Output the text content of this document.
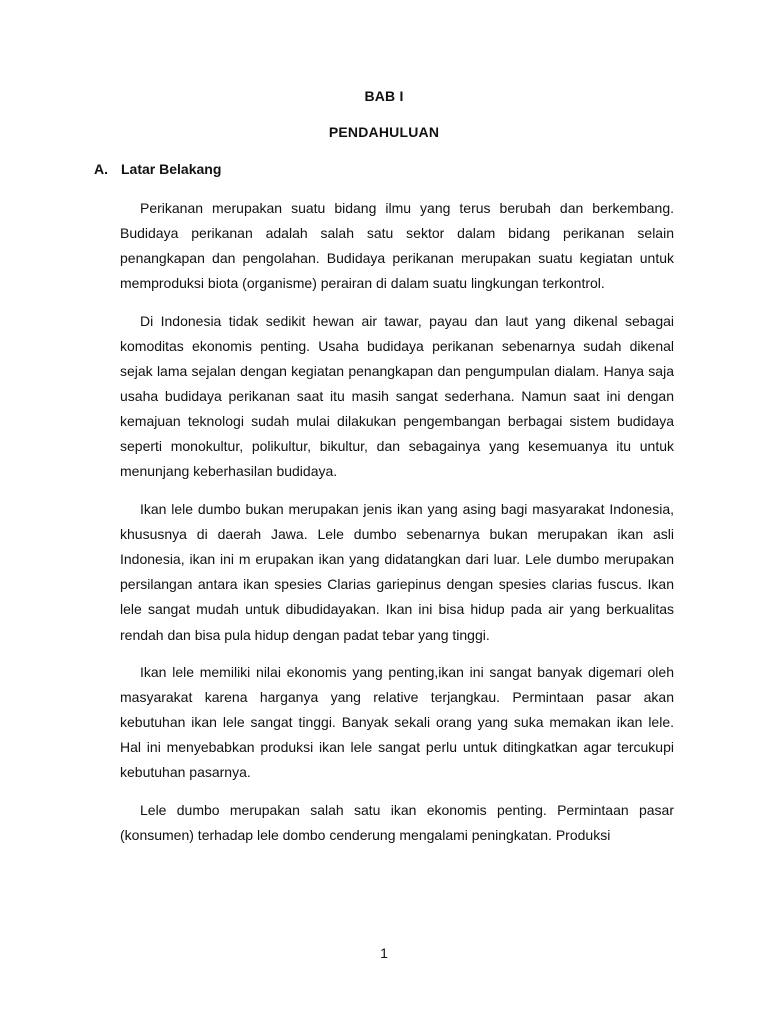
BAB I
PENDAHULUAN
A. Latar Belakang

Perikanan merupakan suatu bidang ilmu yang terus berubah dan berkembang. Budidaya perikanan adalah salah satu sektor dalam bidang perikanan selain penangkapan dan pengolahan. Budidaya perikanan merupakan suatu kegiatan untuk memproduksi biota (organisme) perairan di dalam suatu lingkungan terkontrol.

Di Indonesia tidak sedikit hewan air tawar, payau dan laut yang dikenal sebagai komoditas ekonomis penting. Usaha budidaya perikanan sebenarnya sudah dikenal sejak lama sejalan dengan kegiatan penangkapan dan pengumpulan dialam. Hanya saja usaha budidaya perikanan saat itu masih sangat sederhana. Namun saat ini dengan kemajuan teknologi sudah mulai dilakukan pengembangan berbagai sistem budidaya seperti monokultur, polikultur, bikultur, dan sebagainya yang kesemuanya itu untuk menunjang keberhasilan budidaya.

Ikan lele dumbo bukan merupakan jenis ikan yang asing bagi masyarakat Indonesia, khususnya di daerah Jawa. Lele dumbo sebenarnya bukan merupakan ikan asli Indonesia, ikan ini m erupakan ikan yang didatangkan dari luar. Lele dumbo merupakan persilangan antara ikan spesies Clarias gariepinus dengan spesies clarias fuscus. Ikan lele sangat mudah untuk dibudidayakan. Ikan ini bisa hidup pada air yang berkualitas rendah dan bisa pula hidup dengan padat tebar yang tinggi.

Ikan lele memiliki nilai ekonomis yang penting,ikan ini sangat banyak digemari oleh masyarakat karena harganya yang relative terjangkau. Permintaan pasar akan kebutuhan ikan lele sangat tinggi. Banyak sekali orang yang suka memakan ikan lele. Hal ini menyebabkan produksi ikan lele sangat perlu untuk ditingkatkan agar tercukupi kebutuhan pasarnya.

Lele dumbo merupakan salah satu ikan ekonomis penting. Permintaan pasar (konsumen) terhadap lele dombo cenderung mengalami peningkatan. Produksi

1
